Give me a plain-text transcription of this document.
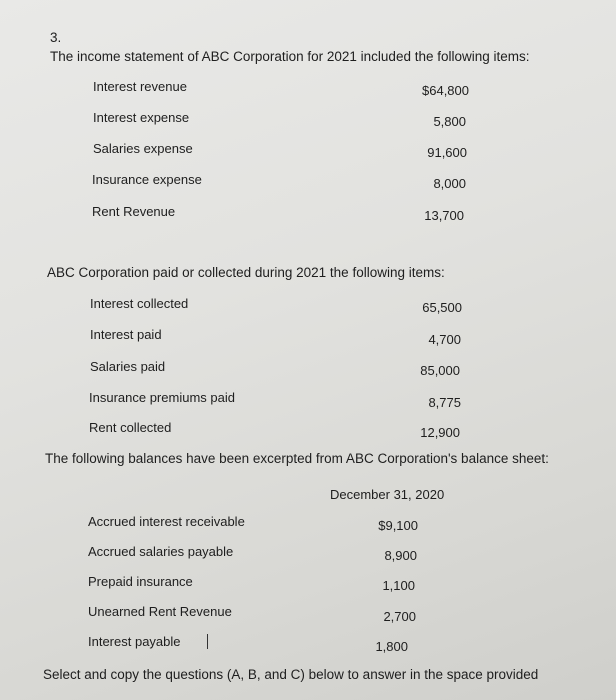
3.
The income statement of ABC Corporation for 2021 included the following items:
Interest revenue	$64,800
Interest expense	5,800
Salaries expense	91,600
Insurance expense	8,000
Rent Revenue	13,700
ABC Corporation paid or collected during 2021 the following items:
Interest collected	65,500
Interest paid	4,700
Salaries paid	85,000
Insurance premiums paid	8,775
Rent collected	12,900
The following balances have been excerpted from ABC Corporation's balance sheet:
December 31, 2020
Accrued interest receivable	$9,100
Accrued salaries payable	8,900
Prepaid insurance	1,100
Unearned Rent Revenue	2,700
Interest payable	1,800
Select and copy the questions (A, B, and C) below to answer in the space provided
